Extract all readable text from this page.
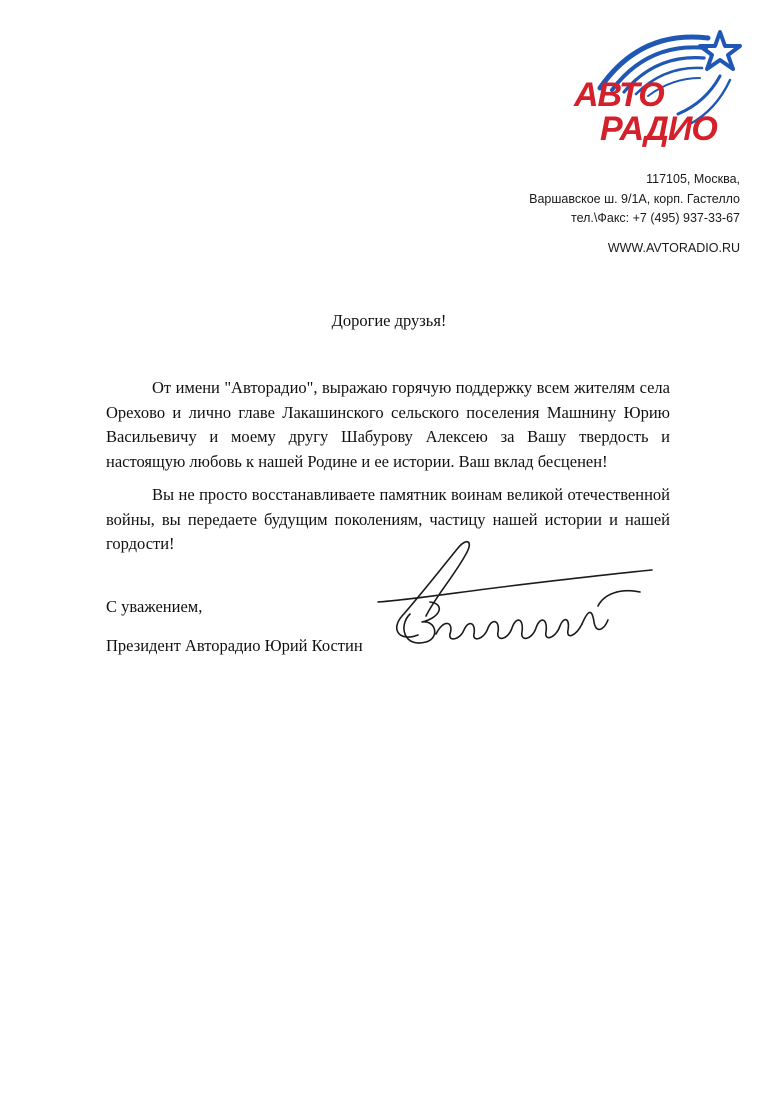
АВТО
РАДИО
117105, Москва,
Варшавское ш. 9/1А, корп. Гастелло
тел.\Факс: +7 (495) 937-33-67
WWW.AVTORADIO.RU
Дорогие друзья!
От имени "Авторадио", выражаю горячую поддержку всем жителям села Орехово и лично главе Лакашинского сельского поселения Машнину Юрию Васильевичу и моему другу Шабурову Алексею за Вашу твердость и настоящую любовь к нашей Родине и ее истории. Ваш вклад бесценен!
Вы не просто восстанавливаете памятник воинам великой отечественной войны, вы передаете будущим поколениям, частицу нашей истории и нашей гордости!
С уважением,
Президент Авторадио Юрий Костин
